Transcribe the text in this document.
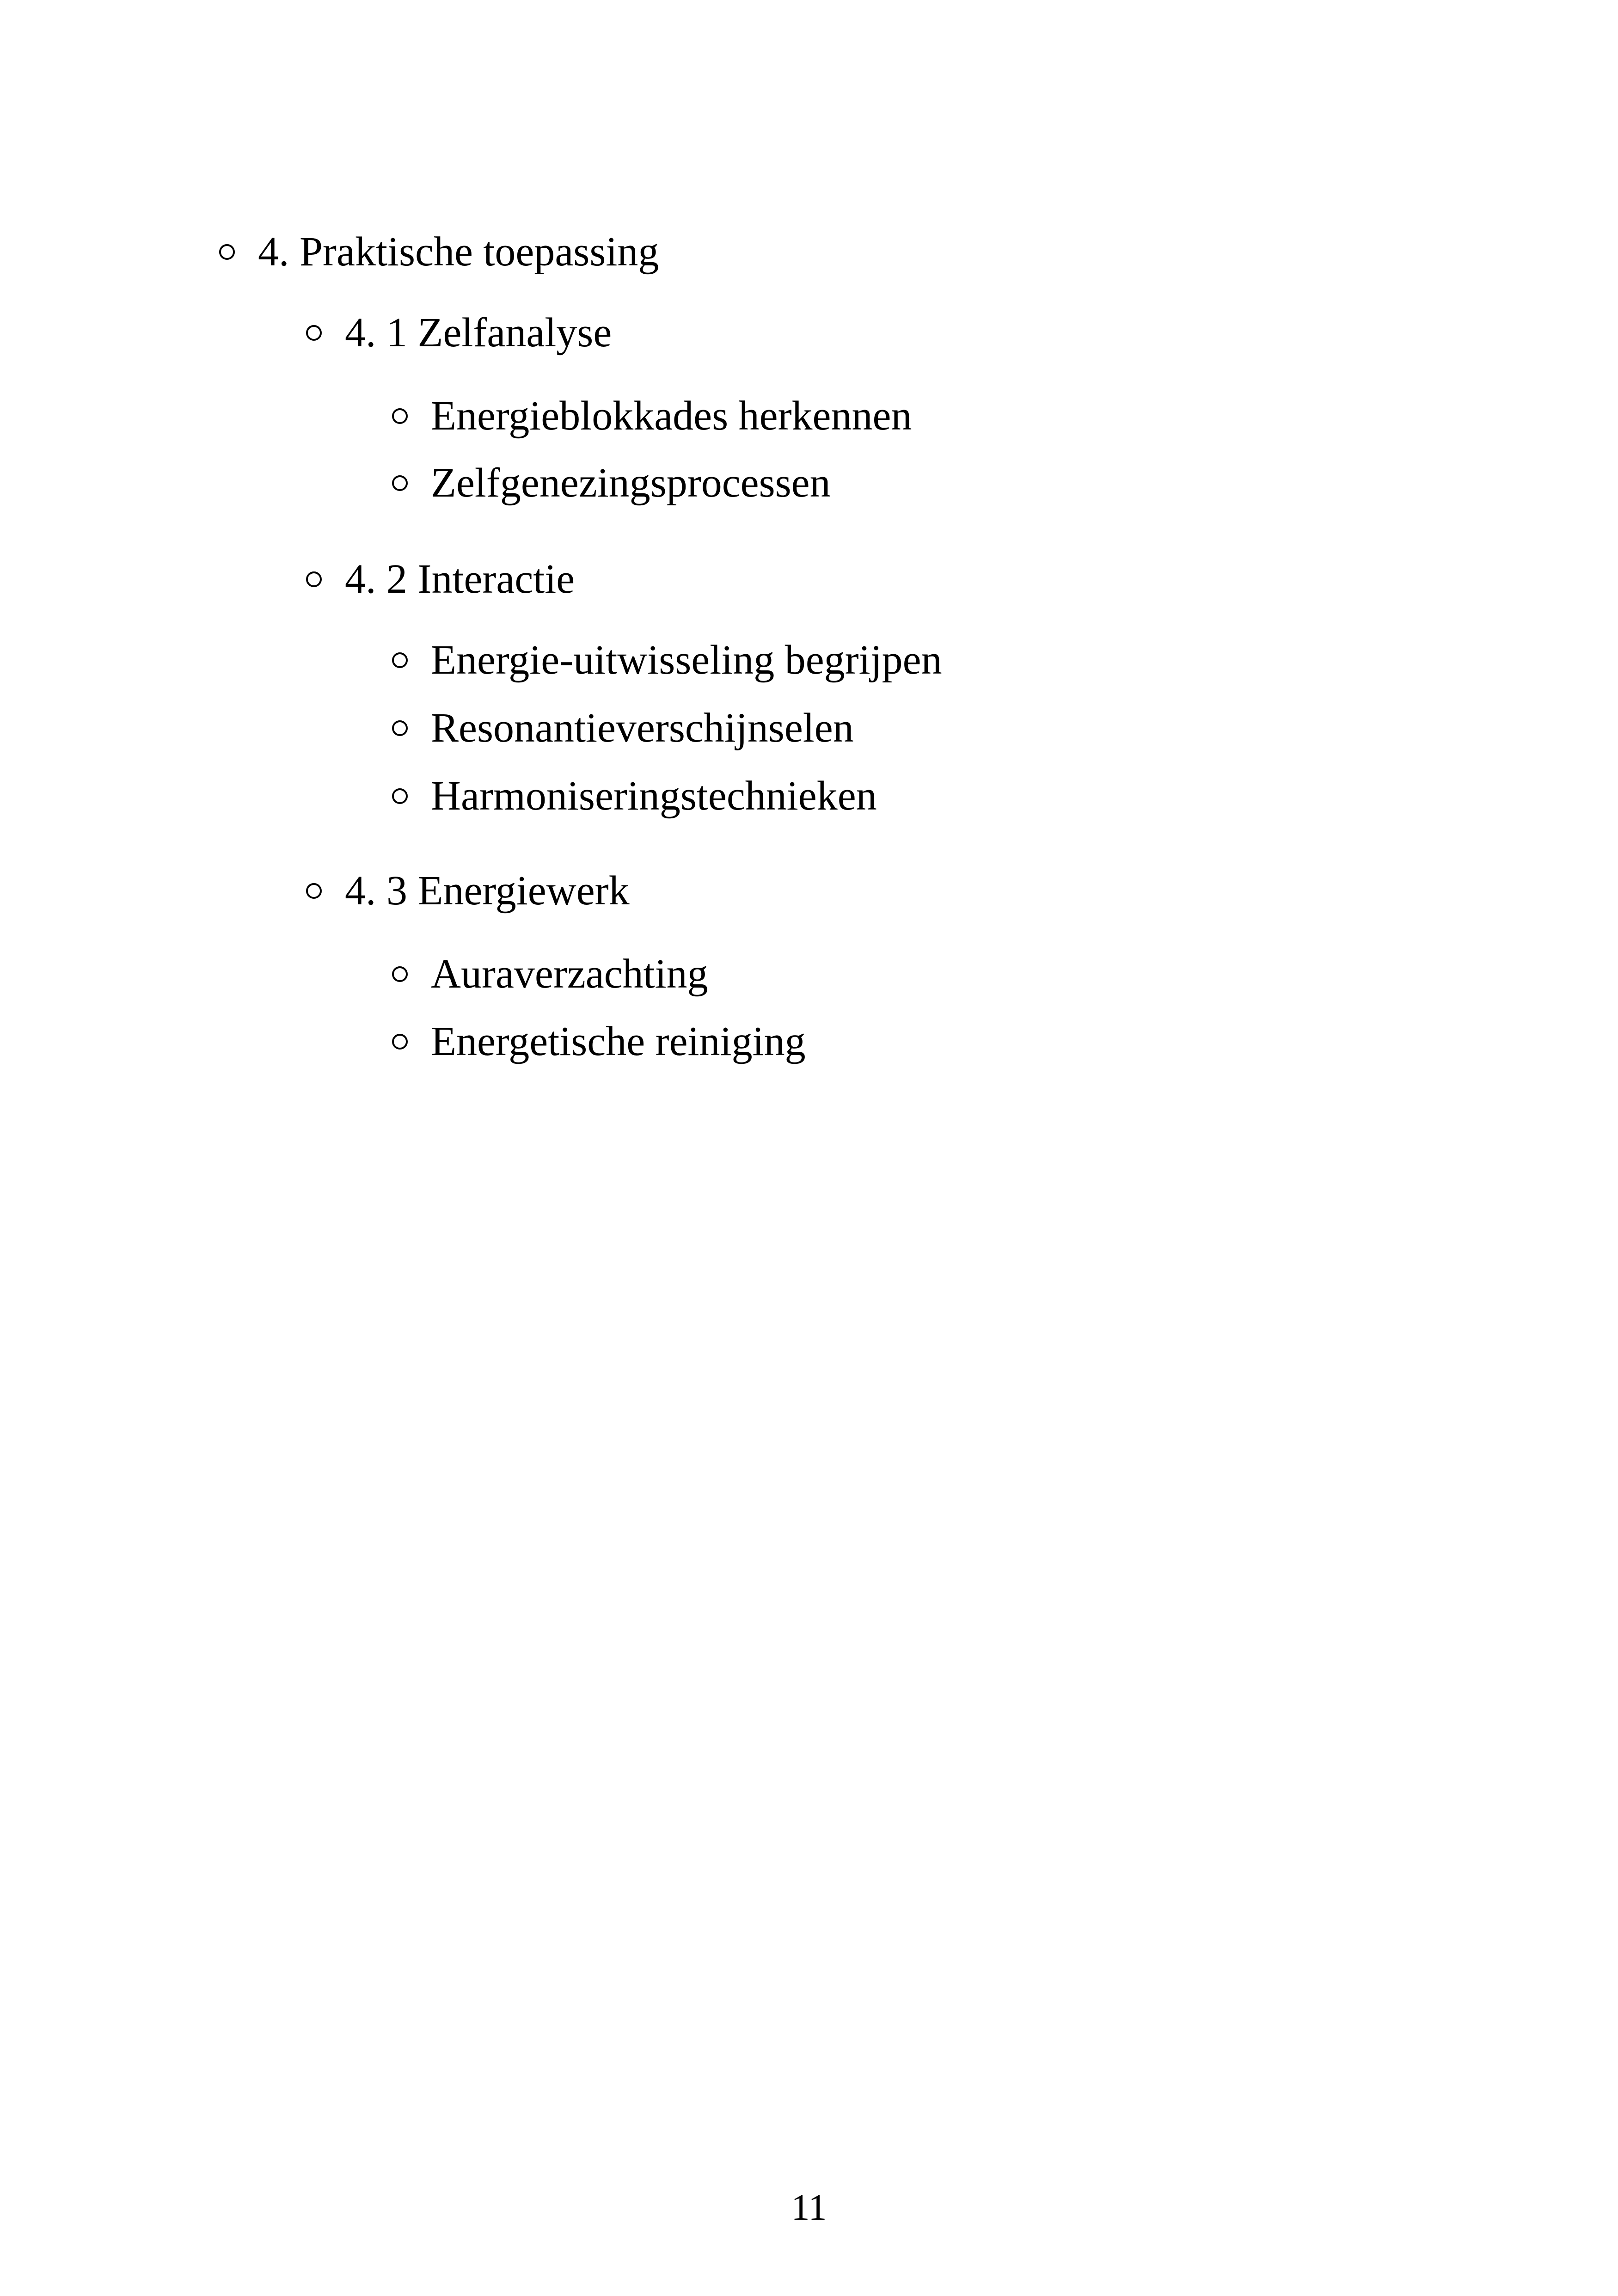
4. Praktische toepassing
4. 1 Zelfanalyse
Energieblokkades herkennen
Zelfgenezingsprocessen
4. 2 Interactie
Energie-uitwisseling begrijpen
Resonantieverschijnselen
Harmoniseringstechnieken
4. 3 Energiewerk
Auraverzachting
Energetische reiniging
11
